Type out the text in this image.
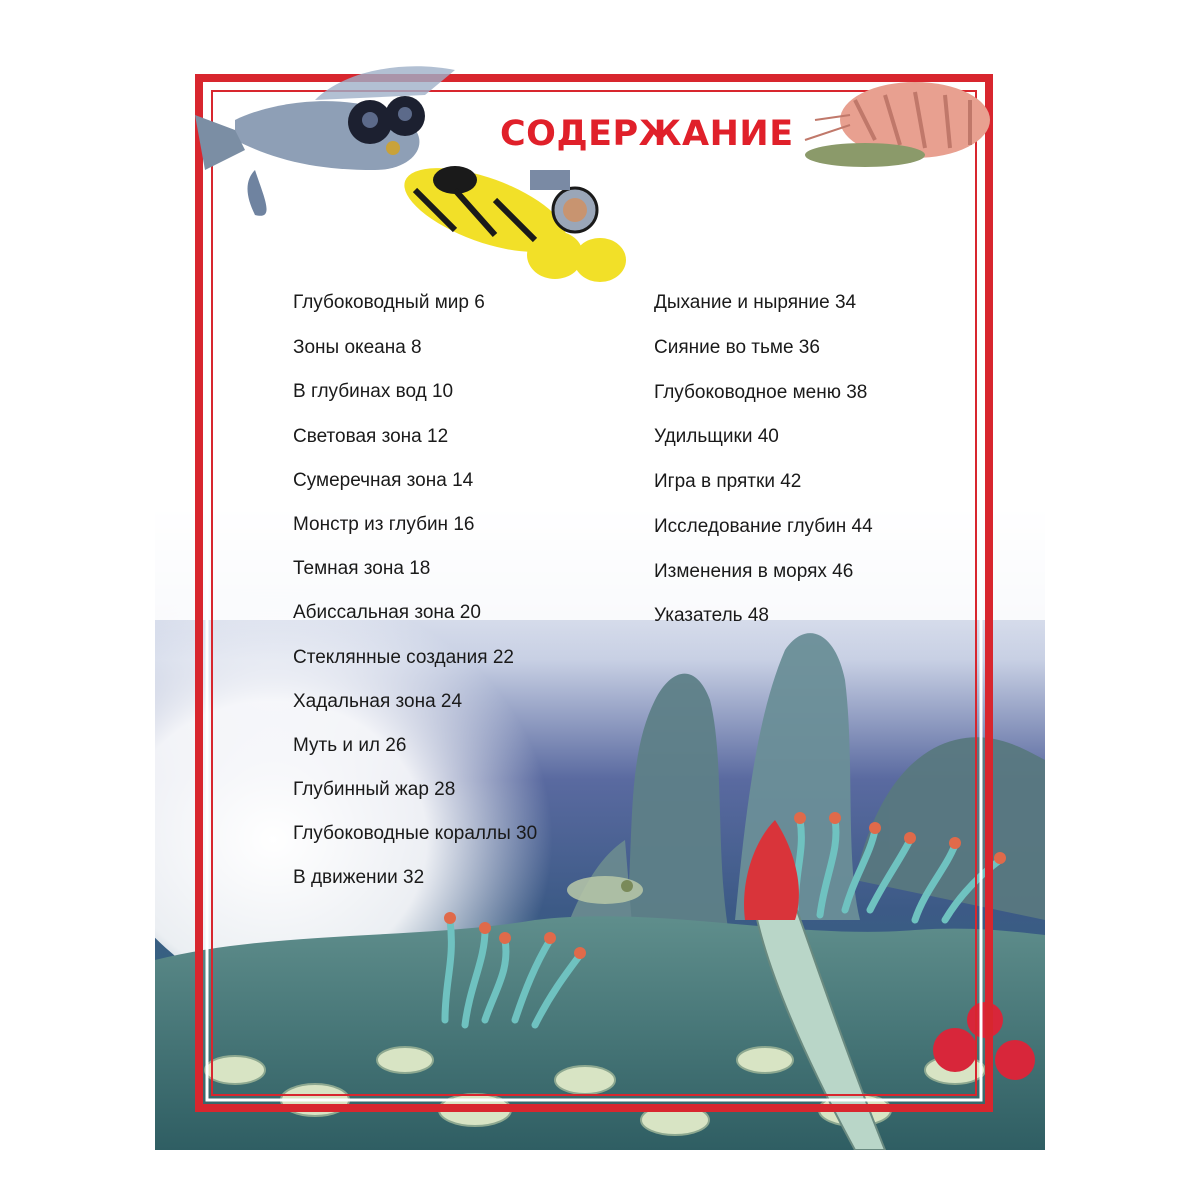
СОДЕРЖАНИЕ
Глубоководный мир 6
Зоны океана 8
В глубинах вод 10
Световая зона 12
Сумеречная зона 14
Монстр из глубин 16
Темная зона 18
Абиссальная зона 20
Стеклянные создания 22
Хадальная зона 24
Муть и ил 26
Глубинный жар 28
Глубоководные кораллы 30
В движении 32
Дыхание и ныряние 34
Сияние во тьме 36
Глубоководное меню 38
Удильщики 40
Игра в прятки 42
Исследование глубин 44
Изменения в морях 46
Указатель 48
